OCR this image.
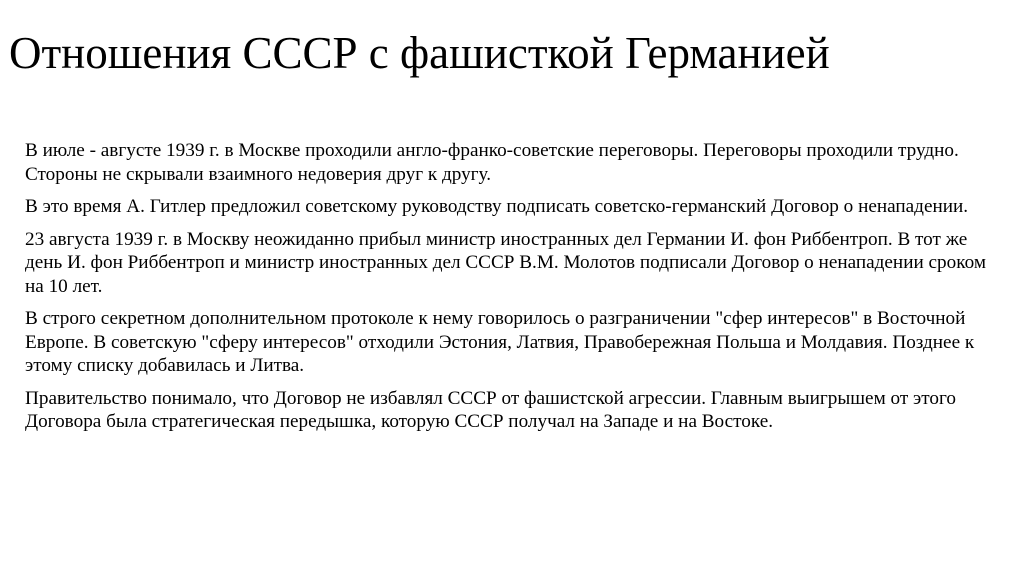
Отношения СССР с фашисткой Германией

В июле - августе 1939 г. в Москве проходили англо-франко-советские переговоры. Переговоры проходили трудно. Стороны не скрывали взаимного недоверия друг к другу.

В это время А. Гитлер предложил советскому руководству подписать советско-германский Договор о ненападении.

23 августа 1939 г. в Москву неожиданно прибыл министр иностранных дел Германии И. фон Риббентроп. В тот же день И. фон Риббентроп и министр иностранных дел СССР В.М. Молотов подписали Договор о ненападении сроком на 10 лет.

В строго секретном дополнительном протоколе к нему говорилось о разграничении "сфер интересов" в Восточной Европе. В советскую "сферу интересов" отходили Эстония, Латвия, Правобережная Польша и Молдавия. Позднее к этому списку добавилась и Литва.

Правительство понимало, что Договор не избавлял СССР от фашистской агрессии. Главным выигрышем от этого Договора была стратегическая передышка, которую СССР получал на Западе и на Востоке.
